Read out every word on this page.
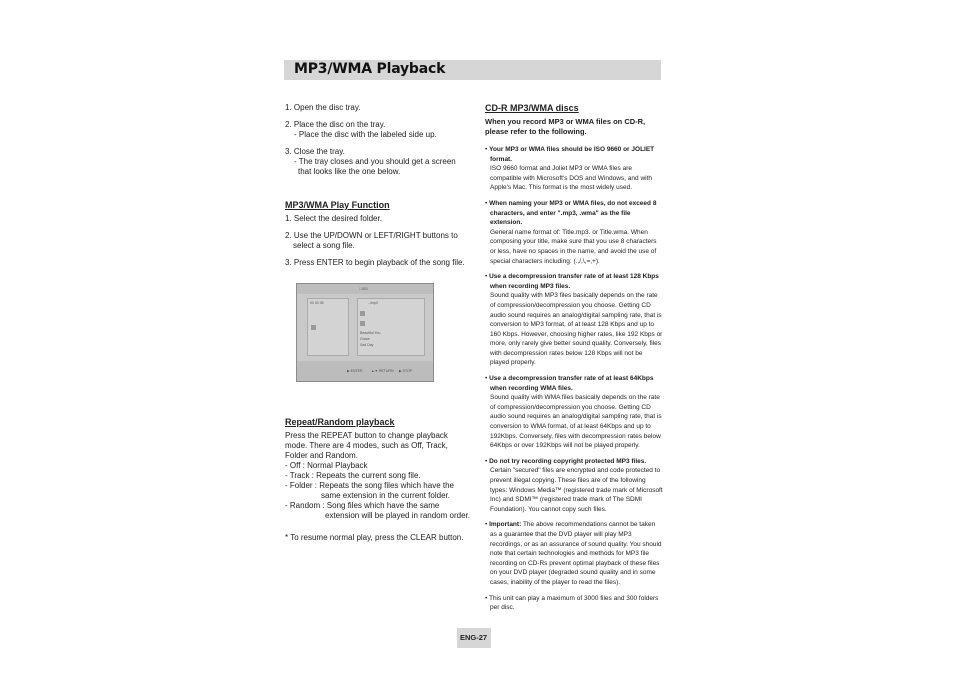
MP3/WMA Playback
1. Open the disc tray.
2. Place the disc on the tray.
- Place the disc with the labeled side up.
3. Close the tray.
- The tray closes and you should get a screen
that looks like the one below.
MP3/WMA Play Function
1. Select the desired folder.
2. Use the UP/DOWN or LEFT/RIGHT buttons to select a song file.
3. Press ENTER to begin playback of the song file.
Repeat/Random playback
Press the REPEAT button to change playback mode. There are 4 modes, such as Off, Track, Folder and Random.
- Off : Normal Playback
- Track : Repeats the current song file.
- Folder : Repeats the song files which have the same extension in the current folder.
- Random : Song files which have the same extension will be played in random order.
* To resume normal play, press the CLEAR button.
□ 001
00 00 05	..\mp3
Beautiful You
Grace
Sad Day
▶ ENTER ▲▼ RETURN ▶ STOP
CD-R MP3/WMA discs
When you record MP3 or WMA files on CD-R, please refer to the following.
• Your MP3 or WMA files should be ISO 9660 or JOLIET format.
ISO 9660 format and Joliet MP3 or WMA files are compatible with Microsoft's DOS and Windows, and with Apple's Mac. This format is the most widely used.
• When naming your MP3 or WMA files, do not exceed 8 characters, and enter ".mp3, .wma" as the file extension.
General name format of: Title.mp3. or Title.wma. When composing your title, make sure that you use 8 characters or less, have no spaces in the name, and avoid the use of special characters including: (.,/,\,=,+).
• Use a decompression transfer rate of at least 128 Kbps when recording MP3 files.
Sound quality with MP3 files basically depends on the rate of compression/decompression you choose. Getting CD audio sound requires an analog/digital sampling rate, that is conversion to MP3 format, of at least 128 Kbps and up to 160 Kbps. However, choosing higher rates, like 192 Kbps or more, only rarely give better sound quality. Conversely, files with decompression rates below 128 Kbps will not be played properly.
• Use a decompression transfer rate of at least 64Kbps when recording WMA files.
Sound quality with WMA files basically depends on the rate of compression/decompression you choose. Getting CD audio sound requires an analog/digital sampling rate, that is conversion to WMA format, of at least 64Kbps and up to 192Kbps. Conversely, files with decompression rates below 64Kbps or over 192Kbps will not be played properly.
• Do not try recording copyright protected MP3 files.
Certain "secured" files are encrypted and code protected to prevent illegal copying. These files are of the following types: Windows Media™ (registered trade mark of Microsoft Inc) and SDMI™ (registered trade mark of The SDMI Foundation). You cannot copy such files.
• Important: The above recommendations cannot be taken as a guarantee that the DVD player will play MP3 recordings, or as an assurance of sound quality. You should note that certain technologies and methods for MP3 file recording on CD-Rs prevent optimal playback of these files on your DVD player (degraded sound quality and in some cases, inability of the player to read the files).
• This unit can play a maximum of 3000 files and 300 folders per disc.
ENG-27
